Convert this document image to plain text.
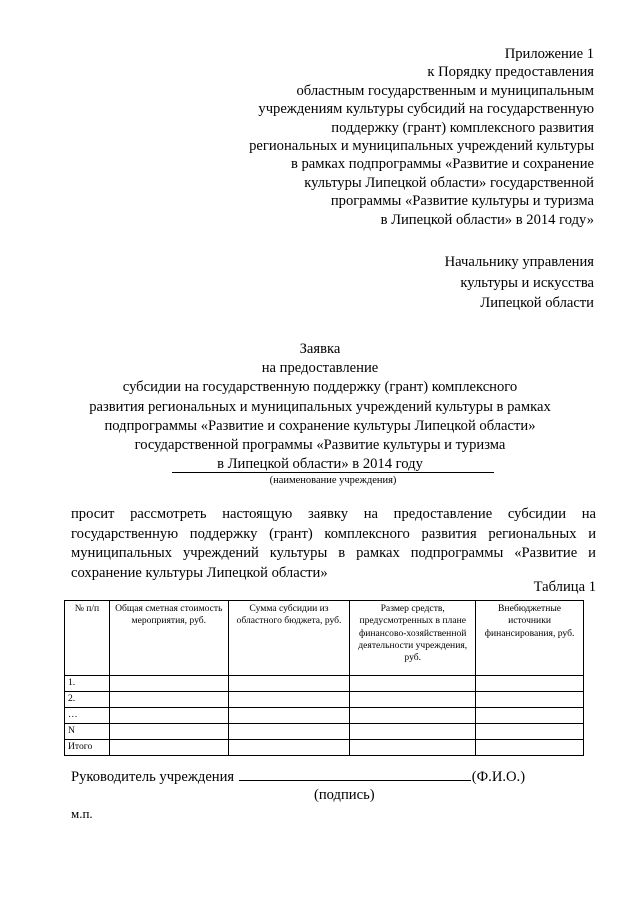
Приложение 1
к Порядку предоставления
областным государственным и муниципальным
учреждениям культуры субсидий на государственную
поддержку (грант) комплексного развития
региональных и муниципальных учреждений культуры
в рамках подпрограммы «Развитие и сохранение
культуры Липецкой области» государственной
программы «Развитие культуры и туризма
в Липецкой области» в 2014 году»
Начальнику управления
культуры и искусства
Липецкой области
Заявка
на предоставление
субсидии на государственную поддержку (грант) комплексного
развития региональных и муниципальных учреждений культуры в рамках
подпрограммы «Развитие и сохранение культуры Липецкой области»
государственной программы «Развитие культуры и туризма
в Липецкой области» в 2014 году
(наименование учреждения)
просит рассмотреть настоящую заявку на предоставление субсидии на государственную поддержку (грант) комплексного развития региональных и муниципальных учреждений культуры в рамках подпрограммы «Развитие и сохранение культуры Липецкой области»
Таблица 1
№ п/п	Общая сметная стоимость мероприятия, руб.	Сумма субсидии из областного бюджета, руб.	Размер средств, предусмотренных в плане финансово-хозяйственной деятельности учреждения, руб.	Внебюджетные источники финансирования, руб.
1.				
2.				
…				
N				
Итого				
Руководитель учреждения	(Ф.И.О.)
(подпись)
м.п.
